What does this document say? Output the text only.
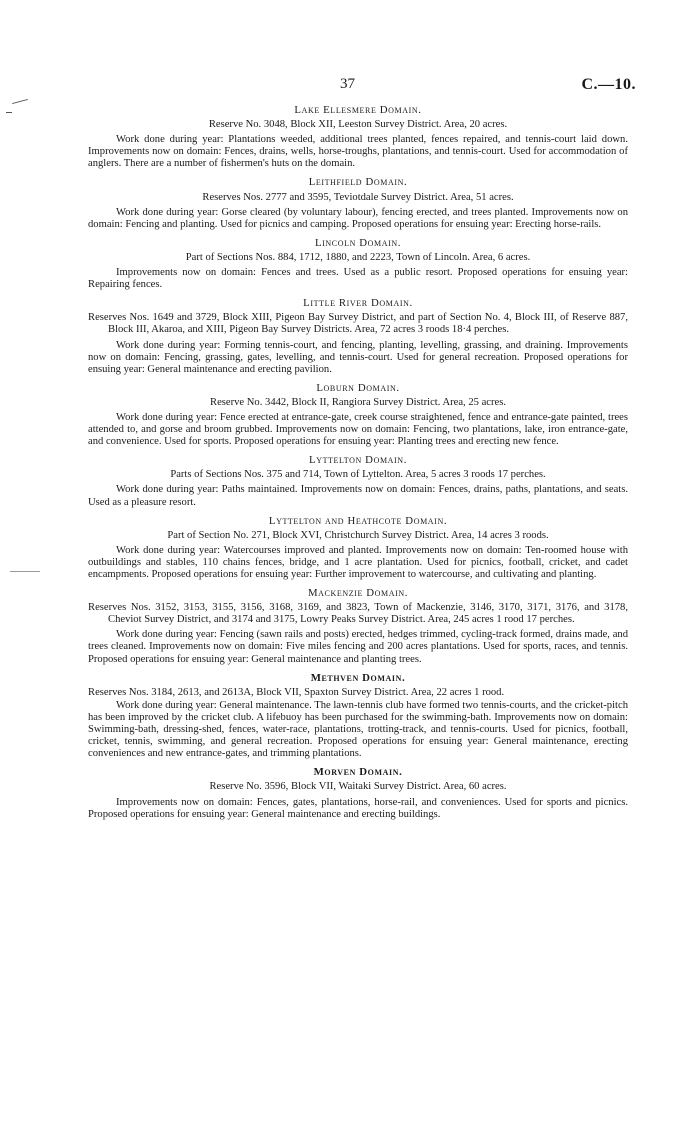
37	C.—10.
Lake Ellesmere Domain.
Reserve No. 3048, Block XII, Leeston Survey District. Area, 20 acres.
Work done during year: Plantations weeded, additional trees planted, fences repaired, and tennis-court laid down. Improvements now on domain: Fences, drains, wells, horse-troughs, plantations, and tennis-court. Used for accommodation of anglers. There are a number of fishermen's huts on the domain.
Leithfield Domain.
Reserves Nos. 2777 and 3595, Teviotdale Survey District. Area, 51 acres.
Work done during year: Gorse cleared (by voluntary labour), fencing erected, and trees planted. Improvements now on domain: Fencing and planting. Used for picnics and camping. Proposed operations for ensuing year: Erecting horse-rails.
Lincoln Domain.
Part of Sections Nos. 884, 1712, 1880, and 2223, Town of Lincoln. Area, 6 acres.
Improvements now on domain: Fences and trees. Used as a public resort. Proposed operations for ensuing year: Repairing fences.
Little River Domain.
Reserves Nos. 1649 and 3729, Block XIII, Pigeon Bay Survey District, and part of Section No. 4, Block III, of Reserve 887, Block III, Akaroa, and XIII, Pigeon Bay Survey Districts. Area, 72 acres 3 roods 18·4 perches.
Work done during year: Forming tennis-court, and fencing, planting, levelling, grassing, and draining. Improvements now on domain: Fencing, grassing, gates, levelling, and tennis-court. Used for general recreation. Proposed operations for ensuing year: General maintenance and erecting pavilion.
Loburn Domain.
Reserve No. 3442, Block II, Rangiora Survey District. Area, 25 acres.
Work done during year: Fence erected at entrance-gate, creek course straightened, fence and entrance-gate painted, trees attended to, and gorse and broom grubbed. Improvements now on domain: Fencing, two plantations, lake, iron entrance-gate, and convenience. Used for sports. Proposed operations for ensuing year: Planting trees and erecting new fence.
Lyttelton Domain.
Parts of Sections Nos. 375 and 714, Town of Lyttelton. Area, 5 acres 3 roods 17 perches.
Work done during year: Paths maintained. Improvements now on domain: Fences, drains, paths, plantations, and seats. Used as a pleasure resort.
Lyttelton and Heathcote Domain.
Part of Section No. 271, Block XVI, Christchurch Survey District. Area, 14 acres 3 roods.
Work done during year: Watercourses improved and planted. Improvements now on domain: Ten-roomed house with outbuildings and stables, 110 chains fences, bridge, and 1 acre plantation. Used for picnics, football, cricket, and cadet encampments. Proposed operations for ensuing year: Further improvement to watercourse, and cultivating and planting.
Mackenzie Domain.
Reserves Nos. 3152, 3153, 3155, 3156, 3168, 3169, and 3823, Town of Mackenzie, 3146, 3170, 3171, 3176, and 3178, Cheviot Survey District, and 3174 and 3175, Lowry Peaks Survey District. Area, 245 acres 1 rood 17 perches.
Work done during year: Fencing (sawn rails and posts) erected, hedges trimmed, cycling-track formed, drains made, and trees cleaned. Improvements now on domain: Five miles fencing and 200 acres plantations. Used for sports, races, and tennis. Proposed operations for ensuing year: General maintenance and planting trees.
Methven Domain.
Reserves Nos. 3184, 2613, and 2613A, Block VII, Spaxton Survey District. Area, 22 acres 1 rood.
Work done during year: General maintenance. The lawn-tennis club have formed two tennis-courts, and the cricket-pitch has been improved by the cricket club. A lifebuoy has been purchased for the swimming-bath. Improvements now on domain: Swimming-bath, dressing-shed, fences, water-race, plantations, trotting-track, and tennis-courts. Used for picnics, football, cricket, tennis, swimming, and general recreation. Proposed operations for ensuing year: General maintenance, erecting conveniences and new entrance-gates, and trimming plantations.
Morven Domain.
Reserve No. 3596, Block VII, Waitaki Survey District. Area, 60 acres.
Improvements now on domain: Fences, gates, plantations, horse-rail, and conveniences. Used for sports and picnics. Proposed operations for ensuing year: General maintenance and erecting buildings.
